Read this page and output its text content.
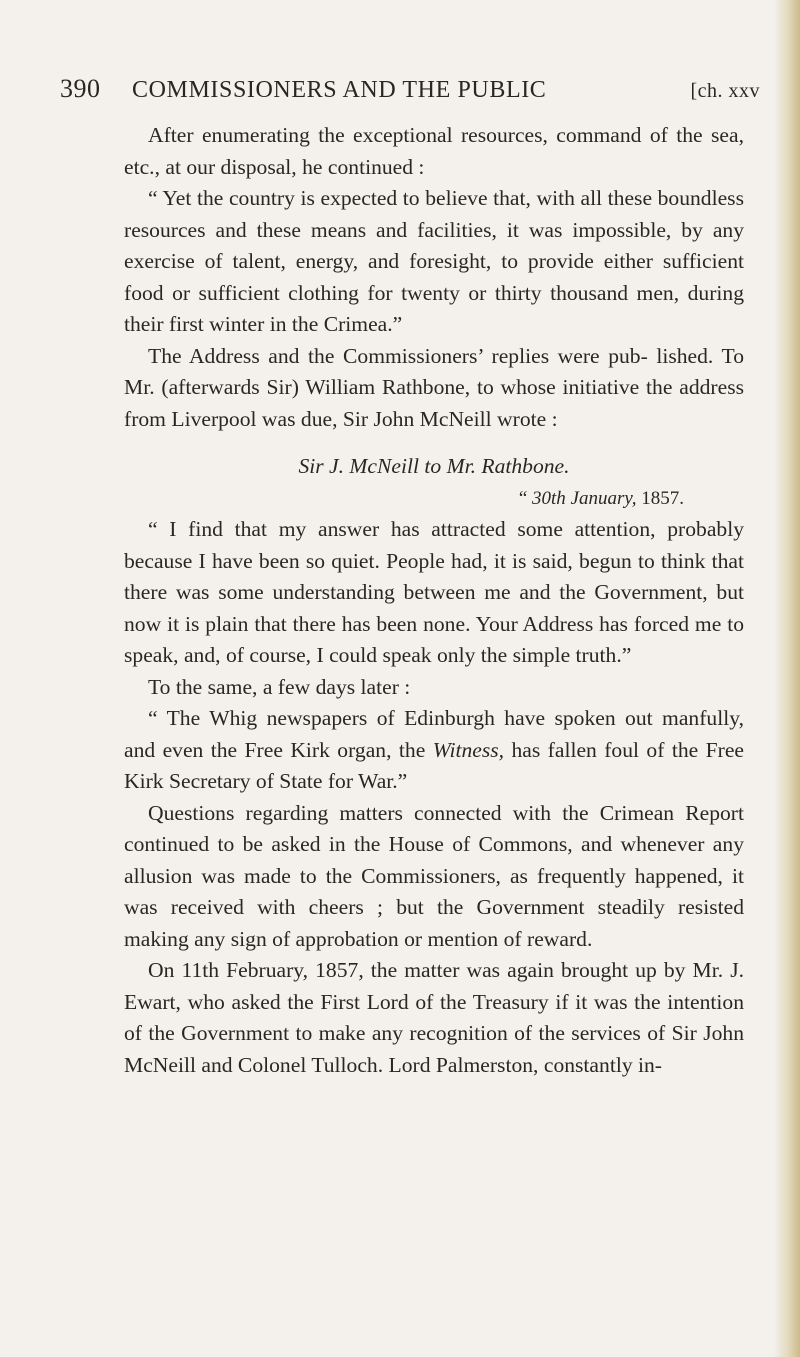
390	COMMISSIONERS AND THE PUBLIC	[ch. xxv

After enumerating the exceptional resources, command of the sea, etc., at our disposal, he continued :

“ Yet the country is expected to believe that, with all these boundless resources and these means and facilities, it was impossible, by any exercise of talent, energy, and foresight, to provide either sufficient food or sufficient clothing for twenty or thirty thousand men, during their first winter in the Crimea.”

The Address and the Commissioners’ replies were pub- lished. To Mr. (afterwards Sir) William Rathbone, to whose initiative the address from Liverpool was due, Sir John McNeill wrote :

Sir J. McNeill to Mr. Rathbone.
“ 30th January, 1857.

“ I find that my answer has attracted some attention, probably because I have been so quiet. People had, it is said, begun to think that there was some understanding between me and the Government, but now it is plain that there has been none. Your Address has forced me to speak, and, of course, I could speak only the simple truth.”

To the same, a few days later :

“ The Whig newspapers of Edinburgh have spoken out manfully, and even the Free Kirk organ, the Witness, has fallen foul of the Free Kirk Secretary of State for War.”

Questions regarding matters connected with the Crimean Report continued to be asked in the House of Commons, and whenever any allusion was made to the Commissioners, as frequently happened, it was received with cheers ; but the Government steadily resisted making any sign of approbation or mention of reward.

On 11th February, 1857, the matter was again brought up by Mr. J. Ewart, who asked the First Lord of the Treasury if it was the intention of the Government to make any recognition of the services of Sir John McNeill and Colonel Tulloch. Lord Palmerston, constantly in-
